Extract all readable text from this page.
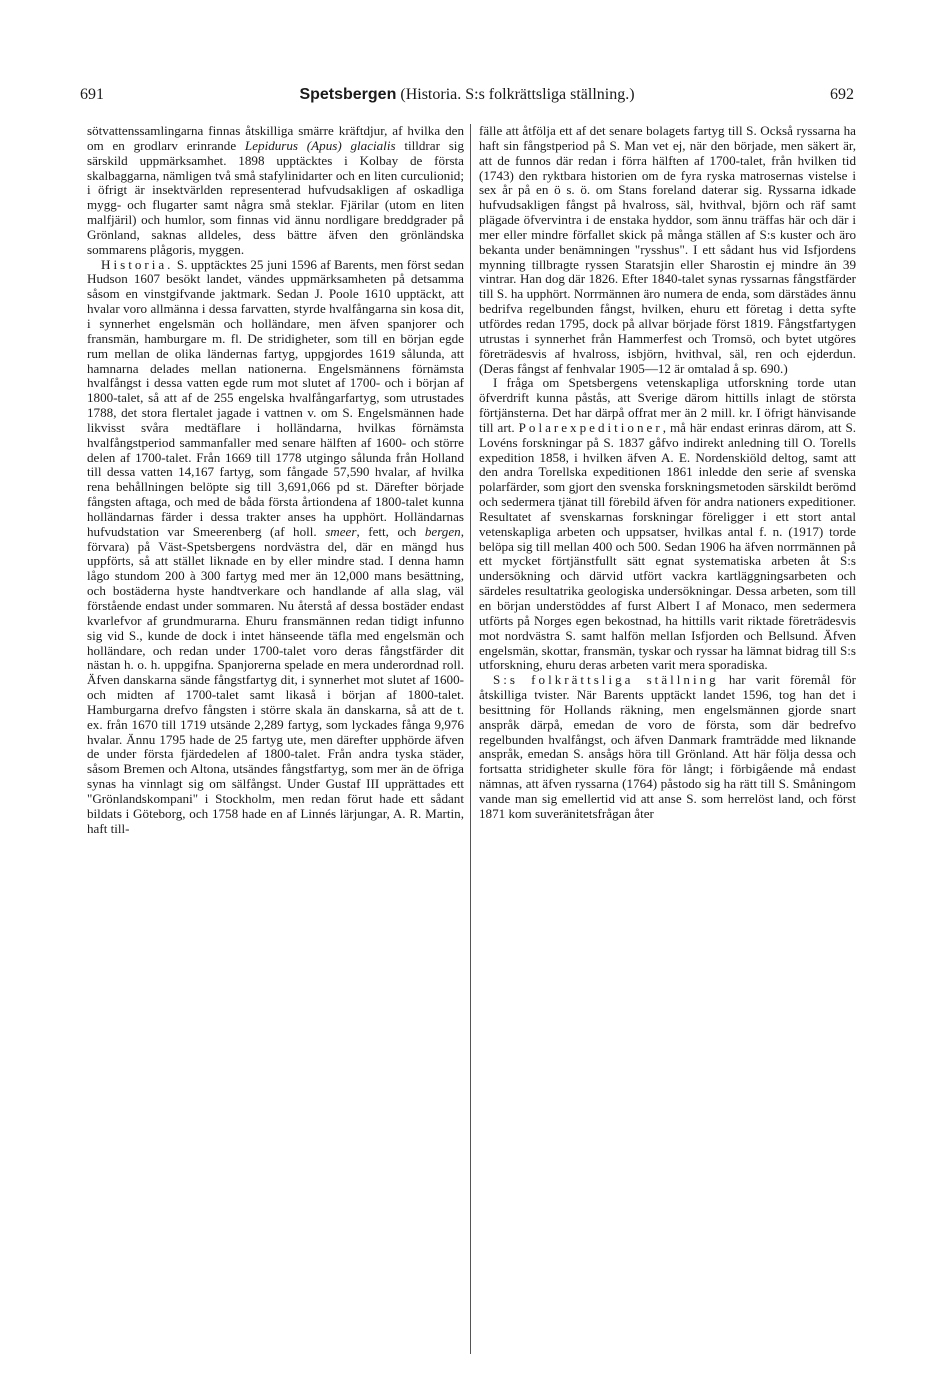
691	Spetsbergen (Historia. S:s folkrättsliga ställning.)	692

sötvattenssamlingarna finnas åtskilliga smärre kräftdjur, af hvilka den om en grodlarv erinrande Lepidurus (Apus) glacialis tilldrar sig särskild uppmärksamhet. 1898 upptäcktes i Kolbay de första skalbaggarna, nämligen två små stafylinidarter och en liten curculionid; i öfrigt är insektvärlden representerad hufvudsakligen af oskadliga mygg- och flugarter samt några små steklar. Fjärilar (utom en liten malfjäril) och humlor, som finnas vid ännu nordligare breddgrader på Grönland, saknas alldeles, dess bättre äfven den grönländska sommarens plågoris, myggen.

Historia. S. upptäcktes 25 juni 1596 af Barents, men först sedan Hudson 1607 besökt landet, vändes uppmärksamheten på detsamma såsom en vinstgifvande jaktmark. Sedan J. Poole 1610 upptäckt, att hvalar voro allmänna i dessa farvatten, styrde hvalfångarna sin kosa dit, i synnerhet engelsmän och holländare, men äfven spanjorer och fransmän, hamburgare m. fl. De stridigheter, som till en början egde rum mellan de olika ländernas fartyg, uppgjordes 1619 sålunda, att hamnarna delades mellan nationerna. Engelsmännens förnämsta hvalfångst i dessa vatten egde rum mot slutet af 1700- och i början af 1800-talet, så att af de 255 engelska hvalfångarfartyg, som utrustades 1788, det stora flertalet jagade i vattnen v. om S. Engelsmännen hade likvisst svåra medtäflare i holländarna, hvilkas förnämsta hvalfångstperiod sammanfaller med senare hälften af 1600- och större delen af 1700-talet. Från 1669 till 1778 utgingo sålunda från Holland till dessa vatten 14,167 fartyg, som fångade 57,590 hvalar, af hvilka rena behållningen belöpte sig till 3,691,066 pd st. Därefter började fångsten aftaga, och med de båda första årtiondena af 1800-talet kunna holländarnas färder i dessa trakter anses ha upphört. Holländarnas hufvudstation var Smeerenberg (af holl. smeer, fett, och bergen, förvara) på Väst-Spetsbergens nordvästra del, där en mängd hus uppförts, så att stället liknade en by eller mindre stad. I denna hamn lågo stundom 200 à 300 fartyg med mer än 12,000 mans besättning, och bostäderna hyste handtverkare och handlande af alla slag, väl förstående endast under sommaren. Nu återstå af dessa bostäder endast kvarlefvor af grundmurarna. Ehuru fransmännen redan tidigt infunno sig vid S., kunde de dock i intet hänseende täfla med engelsmän och holländare, och redan under 1700-talet voro deras fångstfärder dit nästan h. o. h. uppgifna. Spanjorerna spelade en mera underordnad roll. Äfven danskarna sände fångstfartyg dit, i synnerhet mot slutet af 1600- och midten af 1700-talet samt likaså i början af 1800-talet. Hamburgarna drefvo fångsten i större skala än danskarna, så att de t. ex. från 1670 till 1719 utsände 2,289 fartyg, som lyckades fånga 9,976 hvalar. Ännu 1795 hade de 25 fartyg ute, men därefter upphörde äfven de under första fjärdedelen af 1800-talet. Från andra tyska städer, såsom Bremen och Altona, utsändes fångstfartyg, som mer än de öfriga synas ha vinnlagt sig om sälfångst. Under Gustaf III upprättades ett "Grönlandskompani" i Stockholm, men redan förut hade ett sådant bildats i Göteborg, och 1758 hade en af Linnés lärjungar, A. R. Martin, haft till-

fälle att åtfölja ett af det senare bolagets fartyg till S. Också ryssarna ha haft sin fångstperiod på S. Man vet ej, när den började, men säkert är, att de funnos där redan i förra hälften af 1700-talet, från hvilken tid (1743) den ryktbara historien om de fyra ryska matrosernas vistelse i sex år på en ö s. ö. om Stans foreland daterar sig. Ryssarna idkade hufvudsakligen fångst på hvalross, säl, hvithval, björn och räf samt plägade öfvervintra i de enstaka hyddor, som ännu träffas här och där i mer eller mindre förfallet skick på många ställen af S:s kuster och äro bekanta under benämningen "rysshus". I ett sådant hus vid Isfjordens mynning tillbragte ryssen Staratsjin eller Sharostin ej mindre än 39 vintrar. Han dog där 1826. Efter 1840-talet synas ryssarnas fångstfärder till S. ha upphört. Norrmännen äro numera de enda, som därstädes ännu bedrifva regelbunden fångst, hvilken, ehuru ett företag i detta syfte utfördes redan 1795, dock på allvar började först 1819. Fångstfartygen utrustas i synnerhet från Hammerfest och Tromsö, och bytet utgöres företrädesvis af hvalross, isbjörn, hvithval, säl, ren och ejderdun. (Deras fångst af fenhvalar 1905—12 är omtalad å sp. 690.)

I fråga om Spetsbergens vetenskapliga utforskning torde utan öfverdrift kunna påstås, att Sverige därom hittills inlagt de största förtjänsterna. Det har därpå offrat mer än 2 mill. kr. I öfrigt hänvisande till art. Polarexpeditioner, må här endast erinras därom, att S. Lovéns forskningar på S. 1837 gåfvo indirekt anledning till O. Torells expedition 1858, i hvilken äfven A. E. Nordenskiöld deltog, samt att den andra Torellska expeditionen 1861 inledde den serie af svenska polarfärder, som gjort den svenska forskningsmetoden särskildt berömd och sedermera tjänat till förebild äfven för andra nationers expeditioner. Resultatet af svenskarnas forskningar föreligger i ett stort antal vetenskapliga arbeten och uppsatser, hvilkas antal f. n. (1917) torde belöpa sig till mellan 400 och 500. Sedan 1906 ha äfven norrmännen på ett mycket förtjänstfullt sätt egnat systematiska arbeten åt S:s undersökning och därvid utfört vackra kartläggningsarbeten och särdeles resultatrika geologiska undersökningar. Dessa arbeten, som till en början understöddes af furst Albert I af Monaco, men sedermera utförts på Norges egen bekostnad, ha hittills varit riktade företrädesvis mot nordvästra S. samt halfön mellan Isfjorden och Bellsund. Äfven engelsmän, skottar, fransmän, tyskar och ryssar ha lämnat bidrag till S:s utforskning, ehuru deras arbeten varit mera sporadiska.

S:s folkrättsliga ställning har varit föremål för åtskilliga tvister. När Barents upptäckt landet 1596, tog han det i besittning för Hollands räkning, men engelsmännen gjorde snart anspråk därpå, emedan de voro de första, som där bedrefvo regelbunden hvalfångst, och äfven Danmark framträdde med liknande anspråk, emedan S. ansågs höra till Grönland. Att här följa dessa och fortsatta stridigheter skulle föra för långt; i förbigående må endast nämnas, att äfven ryssarna (1764) påstodo sig ha rätt till S. Småningom vande man sig emellertid vid att anse S. som herrelöst land, och först 1871 kom suveränitetsfrågan åter
